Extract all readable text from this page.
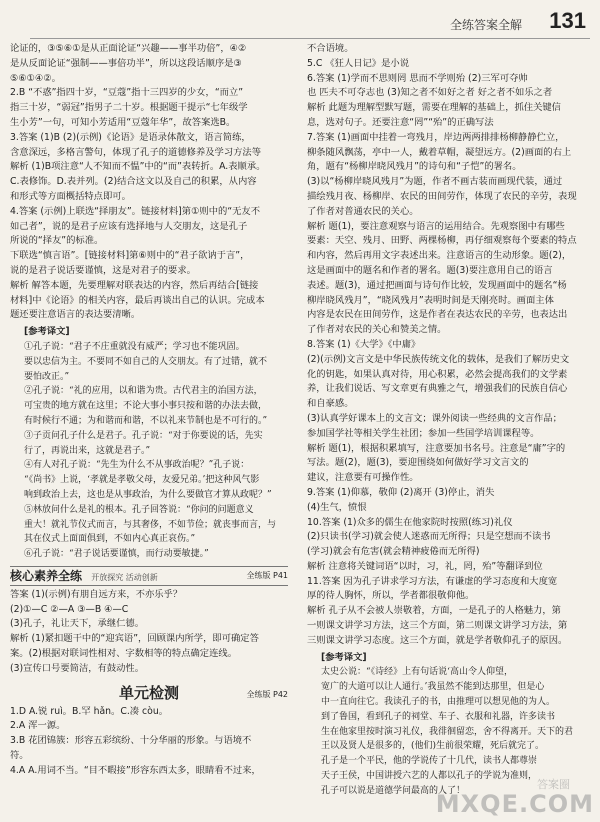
全练答案全解 131
论证的，③⑤⑥①是从正面论证“兴趣——事半功倍”，④②
是从反面论证“强制——事倍功半”，所以这段话顺序是③
⑤⑥①④②。
2.B “不惑”指四十岁，“豆蔻”指十三四岁的少女，“而立”
指三十岁，“弱冠”指男子二十岁。根据题干提示“七年级学
生小芳”一句，可知小芳适用“豆蔻年华”，故答案选B。
3.答案 (1)B (2)(示例)《论语》是语录体散文，语言简练，
含意深远，多格言警句，体现了孔子的道德修养及学习方法等
解析 (1)B项注意“人不知而不愠”中的“而”表转折。A.表顺承。
C.表修饰。D.表并列。(2)结合这文以及自己的积累，从内容
和形式等方面概括特点即可。
4.答案 (示例)上联选“择朋友”。链接材料]第①则中的“无友不
如己者”，说的是君子应该有选择地与人交朋友，这是孔子
所说的“择友”的标准。
下联选“慎言语”。[链接材料]第⑥则中的“君子欲讷于言”，
说的是君子说话要谨慎，这是对君子的要求。
解析 解答本题，先要理解对联表达的内容，然后再结合[链接
材料]中《论语》的相关内容，最后再谈出自己的认识。完成本
题还要注意语言的表达要清晰。
[参考译文]
①孔子说：“君子不庄重就没有威严；学习也不能巩固。
要以忠信为主。不要同不如自己的人交朋友。有了过错，就不
要怕改正。”
②孔子说：“礼的应用，以和谐为贵。古代君主的治国方法，
可宝贵的地方就在这里；不论大事小事只按和谐的办法去做，
有时候行不通；为和谐而和谐，不以礼来节制也是不可行的。”
③子贡问孔子什么是君子。孔子说：“对于你要说的话，先实
行了，再说出来，这就是君子。”
④有人对孔子说：“先生为什么不从事政治呢？”孔子说：
“《尚书》上说，‘孝就是孝敬父母，友爱兄弟。’把这种风气影
响到政治上去，这也是从事政治，为什么要做官才算从政呢？”
⑤林放问什么是礼的根本。孔子回答说：“你问的问题意义
重大！就礼节仪式而言，与其奢侈，不如节俭；就丧事而言，与
其在仪式上面面俱到，不如内心真正哀伤。”
⑥孔子说：“君子说话要谨慎，而行动要敏捷。”
核心素养全练 开放探究 活动创新	全练版 P41
答案 (1)(示例)有朋自远方来，不亦乐乎？
(2)①—C ②—A ③—B ④—C
(3)孔子，礼让天下，承继仁德。
解析 (1)紧扣题干中的“迎宾语”，回顾课内所学，即可确定答
案。(2)根据对联词性相对、字数相等的特点确定连线。
(3)宣传口号要简洁，有鼓动性。
单元检测	全练版 P42
1.D A.锐 ruì。B.罕 hǎn。C.凑 còu。
2.A 浑一源。
3.B 花团锦簇：形容五彩缤纷、十分华丽的形象。与语境不
符。
4.A A.用词不当。“目不暇接”形容东西太多，眼睛看不过来，
不合语境。
5.C 《狂人日记》是小说
6.答案 (1)学而不思则罔 思而不学则殆 (2)三军可夺帅
也 匹夫不可夺志也 (3)知之者不如好之者 好之者不如乐之者
解析 此题为理解型默写题，需要在理解的基础上，抓住关键信
息，选对句子。还要注意“罔”“殆”的正确写法
7.答案 (1)画面中挂着一弯残月，岸边两两排排杨柳静静伫立，
柳条随风飘荡，亭中一人，戴着草帽，凝望远方。(2)画面的右上
角，题有“杨柳岸晓风残月”的诗句和“子恺”的署名。
(3)以“杨柳岸晓风残月”为题，作者不画古装而画现代装，通过
描绘残月夜、杨柳岸、农民的田间劳作，体现了农民的辛劳，表现
了作者对普通农民的关心。
解析 题(1)，要注意观察与语言的运用结合。先观察图中有哪些
要素：天空、残月、田野、两棵杨柳，再仔细观察每个要素的特点
和内容，然后再用文字表述出来。注意语言的生动形象。题(2)，
这是画面中的题名和作者的署名。题(3)要注意用自己的语言
表述。题(3)，通过把画面与诗句作比较，发现画面中的题名“杨
柳岸晓风残月”，“晓风残月”表明时间是天刚亮时。画面主体
内容是农民在田间劳作，这是作者在表达农民的辛劳，也表达出
了作者对农民的关心和赞美之情。
8.答案 (1)《大学》《中庸》
(2)(示例)文言文是中华民族传统文化的载体，是我们了解历史文
化的钥匙，如果认真对待，用心积累，必然会提高我们的文学素
养，让我们说话、写文章更有典雅之气，增强我们的民族自信心
和自豪感。
(3)认真学好课本上的文言文；课外阅读一些经典的文言作品；
参加国学社等相关学生社团；参加一些国学培训课程等。
解析 题(1)，根据积累填写，注意要加书名号。注意是“庸”字的
写法。题(2)，题(3)，要迎围绕如何做好学习文言文的
建议，注意要有可操作性。
9.答案 (1)仰慕，敬仰 (2)离开 (3)停止，消失
(4)生气，愤恨
10.答案 (1)众多的儒生在他家院时按照(练习)礼仪
(2)只读书(学习)就会使人迷惑而无所得；只是空想而不读书
(学习)就会有危害(就会精神疲倦而无所得)
解析 注意将关键词语“以时，习，礼，罔，殆”等翻译到位
11.答案 因为孔子讲求学习方法，有谦虚的学习态度和大度宽
厚的待人胸怀，所以，学者都很敬仰他。
解析 孔子从不会被人崇敬着，方面，一是孔子的人格魅力，第
一则课文讲学习方法，这三个方面，第二则课文讲学习方法，第
三则课文讲学习态度。这三个方面，就是学者敬仰孔子的原因。
[参考译文]
太史公说：“《诗经》上有句话说‘高山令人仰望，
宽广的大道可以让人通行。’我虽然不能到达那里，但是心
中一直向往它。我读孔子的书，由推理可以想见他的为人。
到了鲁国，看到孔子的祠堂、车子、衣服和礼器，许多读书
生在他家里按时演习礼仪，我徘徊留恋，舍不得离开。天下的君
王以及贤人是很多的，(他们)生前很荣耀，死后就完了。
孔子是一个平民，他的学说传了十几代，读书人都尊崇
天子王侯，中国讲授六艺的人都以孔子的学说为准则，
孔子可以说是道德学问最高的人了！	答案圈
MXQE.COM
